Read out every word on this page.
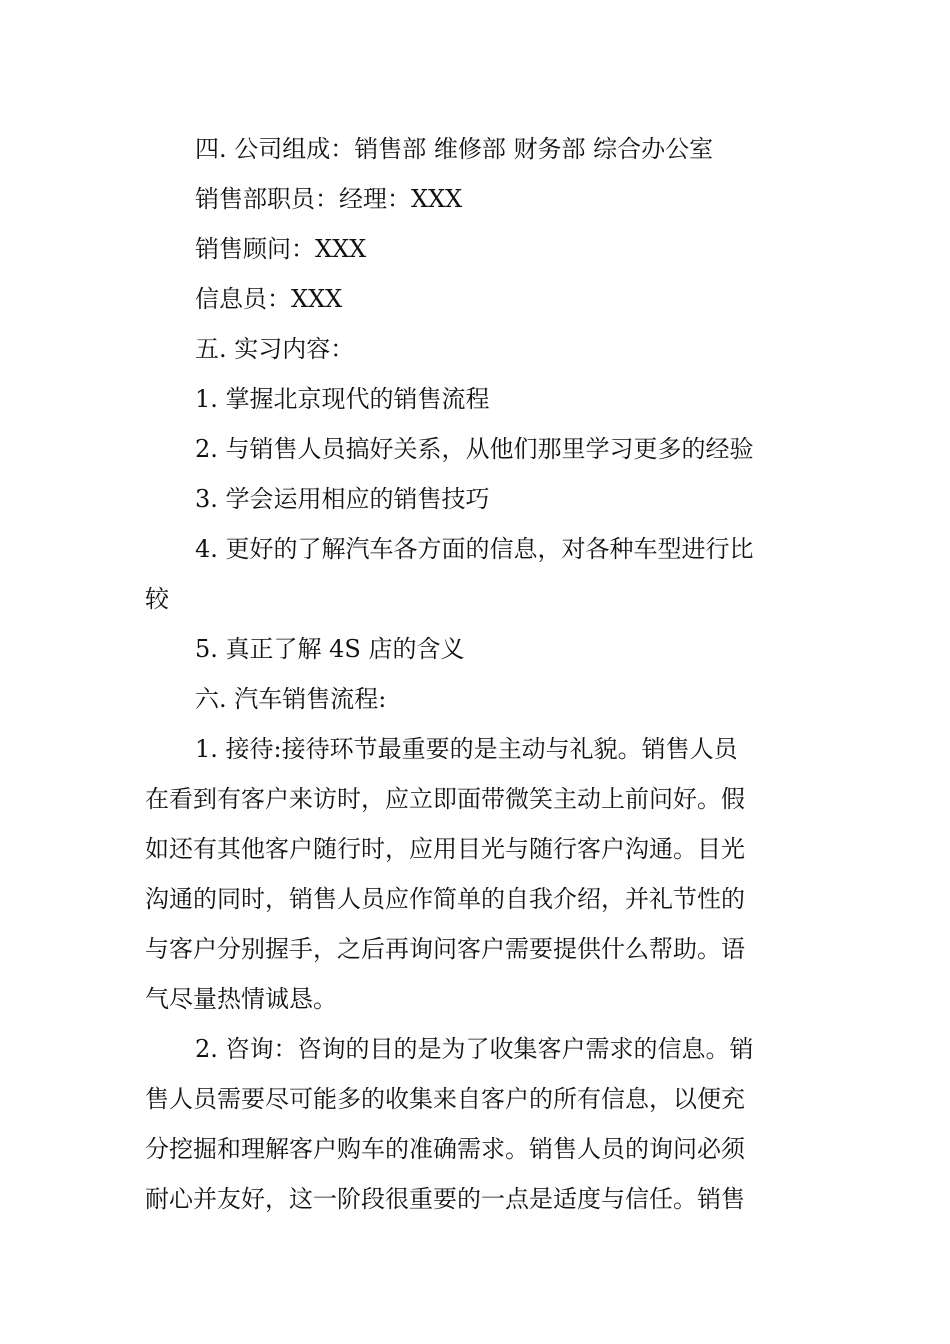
四. 公司组成：销售部 维修部 财务部 综合办公室
销售部职员：经理：XXX
销售顾问：XXX
信息员：XXX
五. 实习内容：
1. 掌握北京现代的销售流程
2. 与销售人员搞好关系，从他们那里学习更多的经验
3. 学会运用相应的销售技巧
4. 更好的了解汽车各方面的信息，对各种车型进行比
较
5. 真正了解 4S 店的含义
六. 汽车销售流程:
1. 接待:接待环节最重要的是主动与礼貌。销售人员
在看到有客户来访时，应立即面带微笑主动上前问好。假
如还有其他客户随行时，应用目光与随行客户沟通。目光
沟通的同时，销售人员应作简单的自我介绍，并礼节性的
与客户分别握手，之后再询问客户需要提供什么帮助。语
气尽量热情诚恳。
2. 咨询：咨询的目的是为了收集客户需求的信息。销
售人员需要尽可能多的收集来自客户的所有信息，以便充
分挖掘和理解客户购车的准确需求。销售人员的询问必须
耐心并友好，这一阶段很重要的一点是适度与信任。销售
